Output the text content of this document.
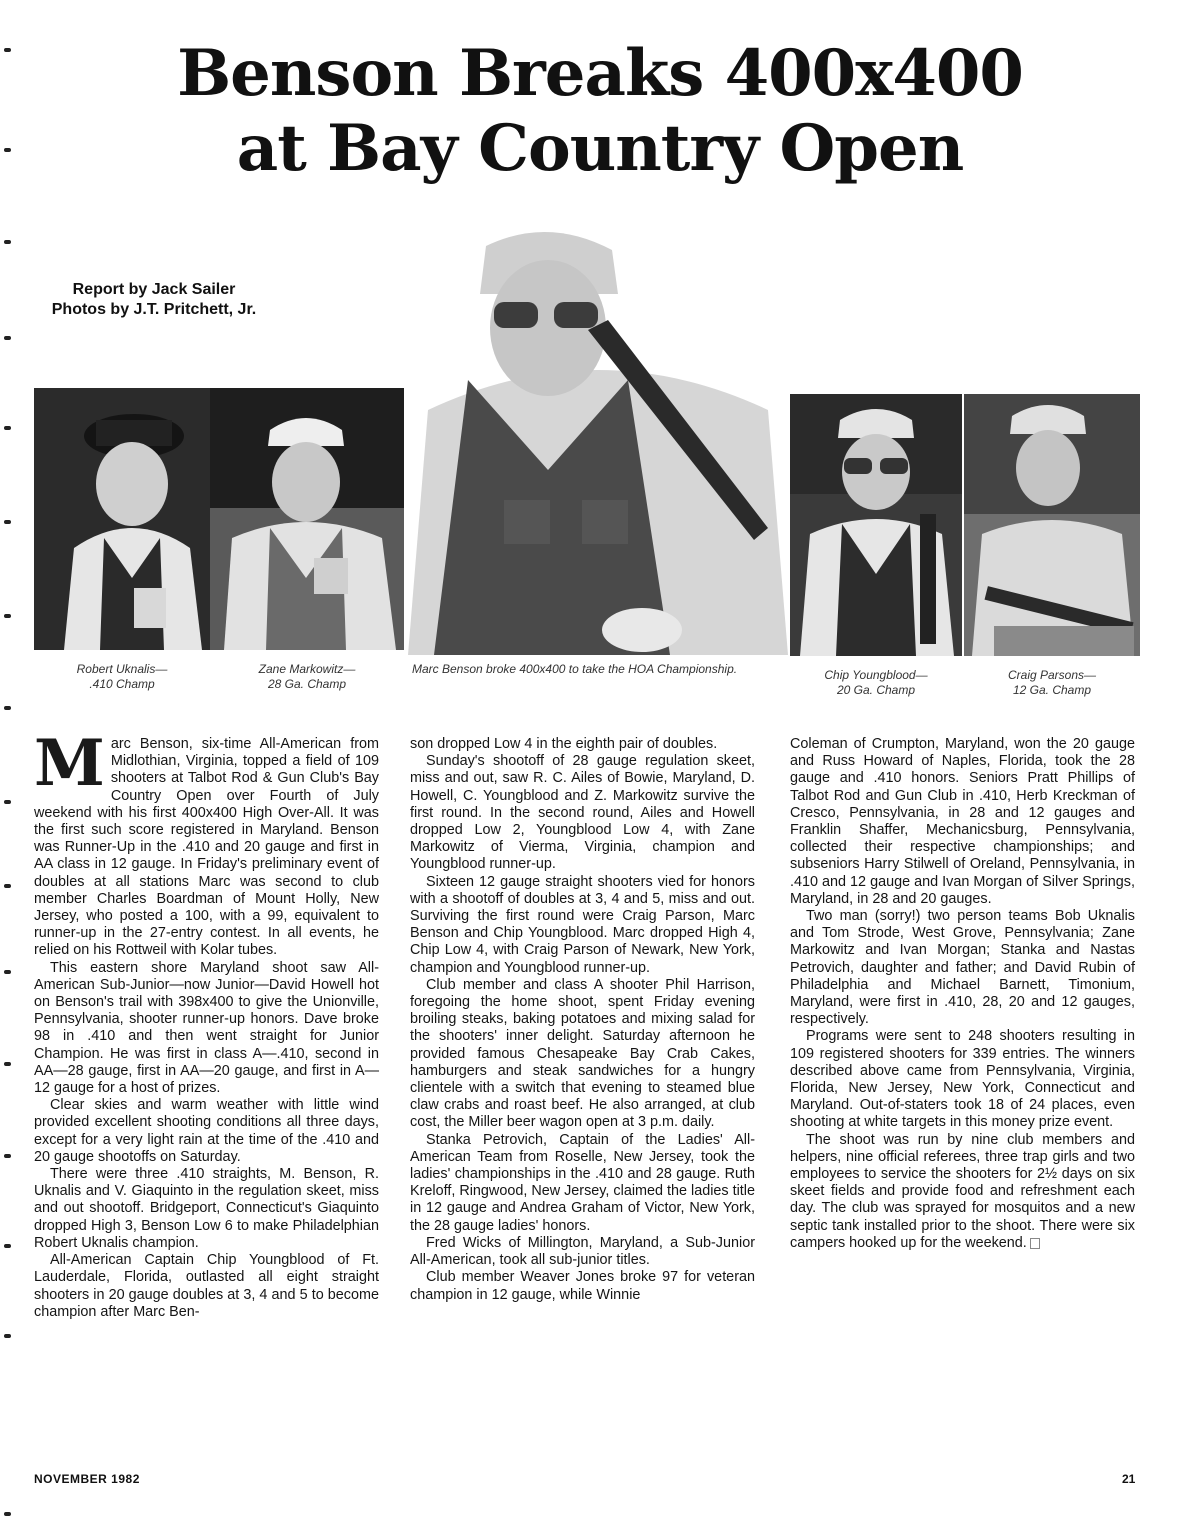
Benson Breaks 400x400
at Bay Country Open
Report by Jack Sailer
Photos by J.T. Pritchett, Jr.
Robert Uknalis—
.410 Champ
Zane Markowitz—
28 Ga. Champ
Marc Benson broke 400x400 to take the HOA Championship.	Chip Youngblood—
20 Ga. Champ
Craig Parsons—
12 Ga. Champ

Marc Benson, six-time All-American from Midlothian, Virginia, topped a field of 109 shooters at Talbot Rod & Gun Club's Bay Country Open over Fourth of July weekend with his first 400x400 High Over-All. It was the first such score registered in Maryland. Benson was Runner-Up in the .410 and 20 gauge and first in AA class in 12 gauge. In Friday's preliminary event of doubles at all stations Marc was second to club member Charles Boardman of Mount Holly, New Jersey, who posted a 100, with a 99, equivalent to runner-up in the 27-entry contest. In all events, he relied on his Rottweil with Kolar tubes.

This eastern shore Maryland shoot saw All-American Sub-Junior—now Junior—David Howell hot on Benson's trail with 398x400 to give the Unionville, Pennsylvania, shooter runner-up honors. Dave broke 98 in .410 and then went straight for Junior Champion. He was first in class A—.410, second in AA—28 gauge, first in AA—20 gauge, and first in A—12 gauge for a host of prizes.

Clear skies and warm weather with little wind provided excellent shooting conditions all three days, except for a very light rain at the time of the .410 and 20 gauge shootoffs on Saturday.

There were three .410 straights, M. Benson, R. Uknalis and V. Giaquinto in the regulation skeet, miss and out shootoff. Bridgeport, Connecticut's Giaquinto dropped High 3, Benson Low 6 to make Philadelphian Robert Uknalis champion.

All-American Captain Chip Youngblood of Ft. Lauderdale, Florida, outlasted all eight straight shooters in 20 gauge doubles at 3, 4 and 5 to become champion after Marc Ben-

son dropped Low 4 in the eighth pair of doubles.

Sunday's shootoff of 28 gauge regulation skeet, miss and out, saw R. C. Ailes of Bowie, Maryland, D. Howell, C. Youngblood and Z. Markowitz survive the first round. In the second round, Ailes and Howell dropped Low 2, Youngblood Low 4, with Zane Markowitz of Vierma, Virginia, champion and Youngblood runner-up.

Sixteen 12 gauge straight shooters vied for honors with a shootoff of doubles at 3, 4 and 5, miss and out. Surviving the first round were Craig Parson, Marc Benson and Chip Youngblood. Marc dropped High 4, Chip Low 4, with Craig Parson of Newark, New York, champion and Youngblood runner-up.

Club member and class A shooter Phil Harrison, foregoing the home shoot, spent Friday evening broiling steaks, baking potatoes and mixing salad for the shooters' inner delight. Saturday afternoon he provided famous Chesapeake Bay Crab Cakes, hamburgers and steak sandwiches for a hungry clientele with a switch that evening to steamed blue claw crabs and roast beef. He also arranged, at club cost, the Miller beer wagon open at 3 p.m. daily.

Stanka Petrovich, Captain of the Ladies' All-American Team from Roselle, New Jersey, took the ladies' championships in the .410 and 28 gauge. Ruth Kreloff, Ringwood, New Jersey, claimed the ladies title in 12 gauge and Andrea Graham of Victor, New York, the 28 gauge ladies' honors.

Fred Wicks of Millington, Maryland, a Sub-Junior All-American, took all sub-junior titles.

Club member Weaver Jones broke 97 for veteran champion in 12 gauge, while Winnie

Coleman of Crumpton, Maryland, won the 20 gauge and Russ Howard of Naples, Florida, took the 28 gauge and .410 honors. Seniors Pratt Phillips of Talbot Rod and Gun Club in .410, Herb Kreckman of Cresco, Pennsylvania, in 28 and 12 gauges and Franklin Shaffer, Mechanicsburg, Pennsylvania, collected their respective championships; and subseniors Harry Stilwell of Oreland, Pennsylvania, in .410 and 12 gauge and Ivan Morgan of Silver Springs, Maryland, in 28 and 20 gauges.

Two man (sorry!) two person teams Bob Uknalis and Tom Strode, West Grove, Pennsylvania; Zane Markowitz and Ivan Morgan; Stanka and Nastas Petrovich, daughter and father; and David Rubin of Philadelphia and Michael Barnett, Timonium, Maryland, were first in .410, 28, 20 and 12 gauges, respectively.

Programs were sent to 248 shooters resulting in 109 registered shooters for 339 entries. The winners described above came from Pennsylvania, Virginia, Florida, New Jersey, New York, Connecticut and Maryland. Out-of-staters took 18 of 24 places, even shooting at white targets in this money prize event.

The shoot was run by nine club members and helpers, nine official referees, three trap girls and two employees to service the shooters for 2½ days on six skeet fields and provide food and refreshment each day. The club was sprayed for mosquitos and a new septic tank installed prior to the shoot. There were six campers hooked up for the weekend.

NOVEMBER 1982	21
